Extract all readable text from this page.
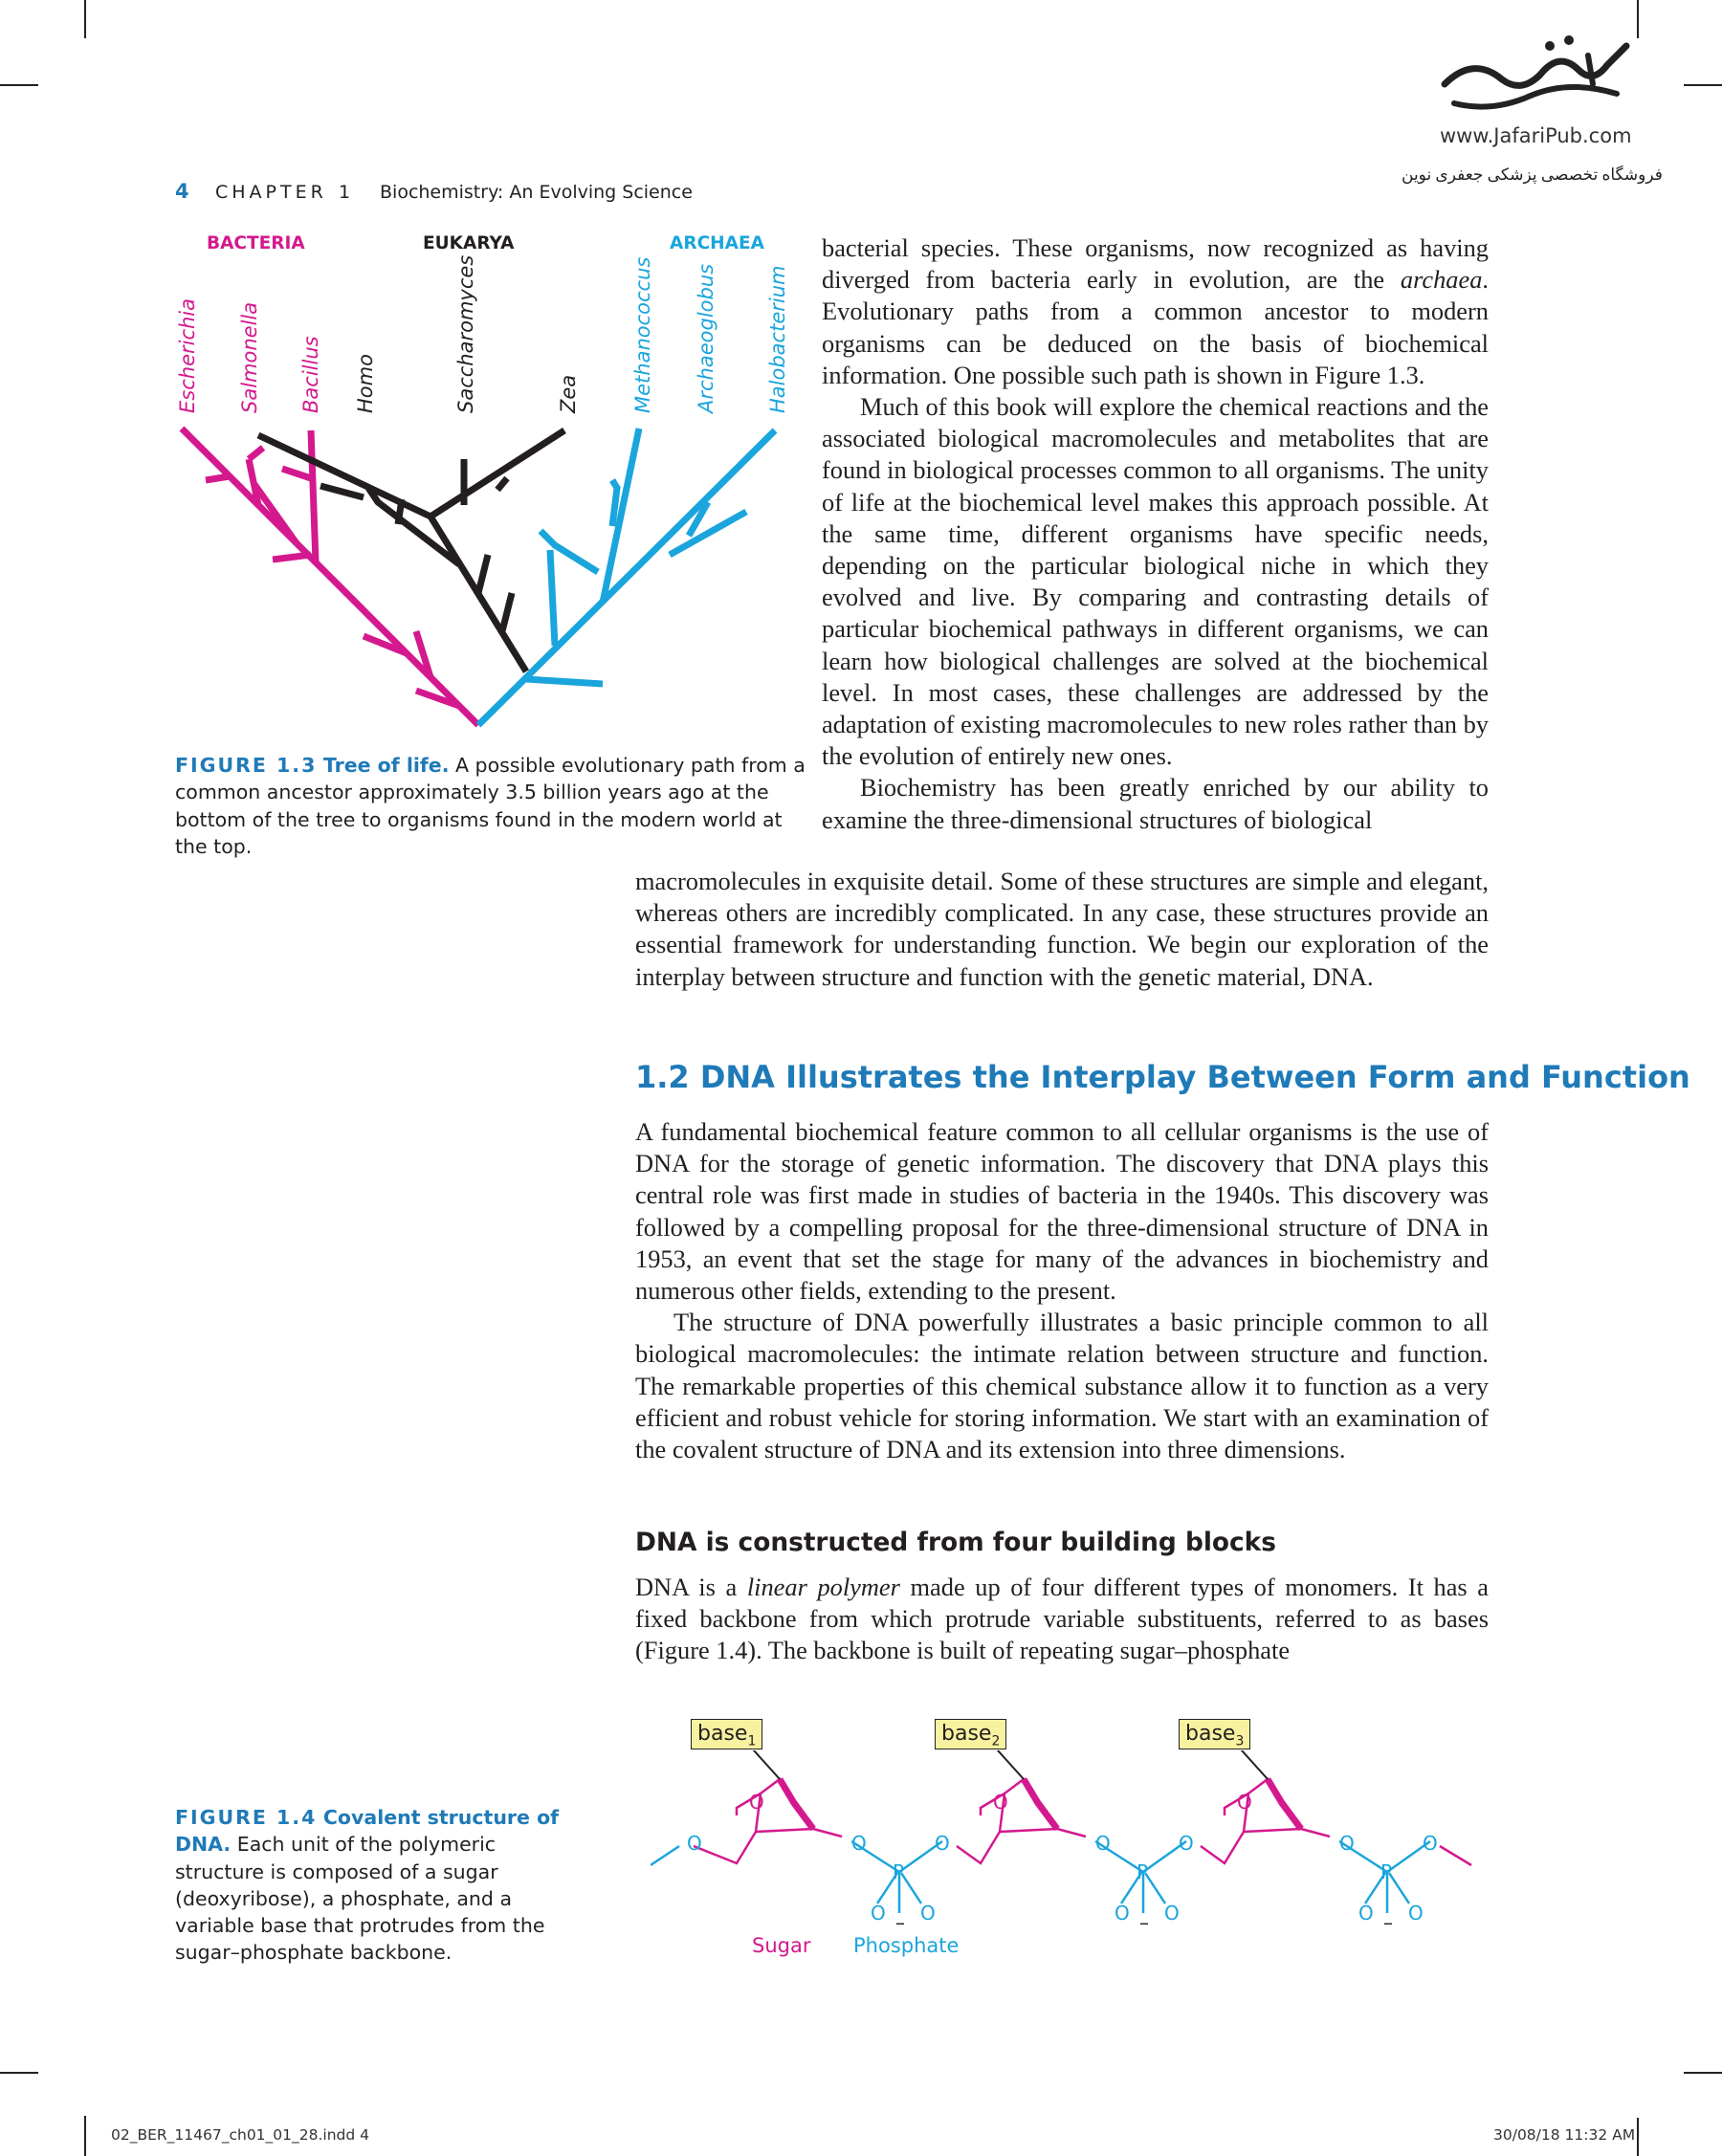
www.JafariPub.com
فروشگاه تخصصی پزشکی جعفری نوین
4 CHAPTER 1 Biochemistry: An Evolving Science
BACTERIA	EUKARYA	ARCHAEA
Escherichia Salmonella Bacillus Homo	Saccharomyces	Zea	Methanococcus Archaeoglobus Halobacterium
FIGURE 1.3 Tree of life. A possible evolutionary path from a common ancestor approximately 3.5 billion years ago at the bottom of the tree to organisms found in the modern world at the top.

bacterial species. These organisms, now recognized as having diverged from bacteria early in evolution, are the archaea. Evolutionary paths from a common ancestor to modern organisms can be deduced on the basis of biochemical information. One possible such path is shown in Figure 1.3.

Much of this book will explore the chemical reactions and the associated biological macromolecules and metabolites that are found in biological processes common to all organisms. The unity of life at the biochemical level makes this approach possible. At the same time, different organisms have specific needs, depending on the particular biological niche in which they evolved and live. By comparing and contrasting details of particular biochemical pathways in different organisms, we can learn how biological challenges are solved at the biochemical level. In most cases, these challenges are addressed by the adaptation of existing macromolecules to new roles rather than by the evolution of entirely new ones.

Biochemistry has been greatly enriched by our ability to examine the three-dimensional structures of biological

macromolecules in exquisite detail. Some of these structures are simple and elegant, whereas others are incredibly complicated. In any case, these structures provide an essential framework for understanding function. We begin our exploration of the interplay between structure and function with the genetic material, DNA.

1.2 DNA Illustrates the Interplay Between Form and Function

A fundamental biochemical feature common to all cellular organisms is the use of DNA for the storage of genetic information. The discovery that DNA plays this central role was first made in studies of bacteria in the 1940s. This discovery was followed by a compelling proposal for the three-dimensional structure of DNA in 1953, an event that set the stage for many of the advances in biochemistry and numerous other fields, extending to the present.

The structure of DNA powerfully illustrates a basic principle common to all biological macromolecules: the intimate relation between structure and function. The remarkable properties of this chemical substance allow it to function as a very efficient and robust vehicle for storing information. We start with an examination of the covalent structure of DNA and its extension into three dimensions.

DNA is constructed from four building blocks

DNA is a linear polymer made up of four different types of monomers. It has a fixed backbone from which protrude variable substituents, referred to as bases (Figure 1.4). The backbone is built of repeating sugar–phosphate

FIGURE 1.4 Covalent structure of DNA. Each unit of the polymeric structure is composed of a sugar (deoxyribose), a phosphate, and a variable base that protrudes from the sugar–phosphate backbone.
base$_1$	base$_2$	base$_3$
O
O
O
P
O
O O
–
O
O
P
O
O O
–
O
O
P
O
O O
–
Sugar Phosphate
02_BER_11467_ch01_01_28.indd 4	30/08/18 11:32 AM
